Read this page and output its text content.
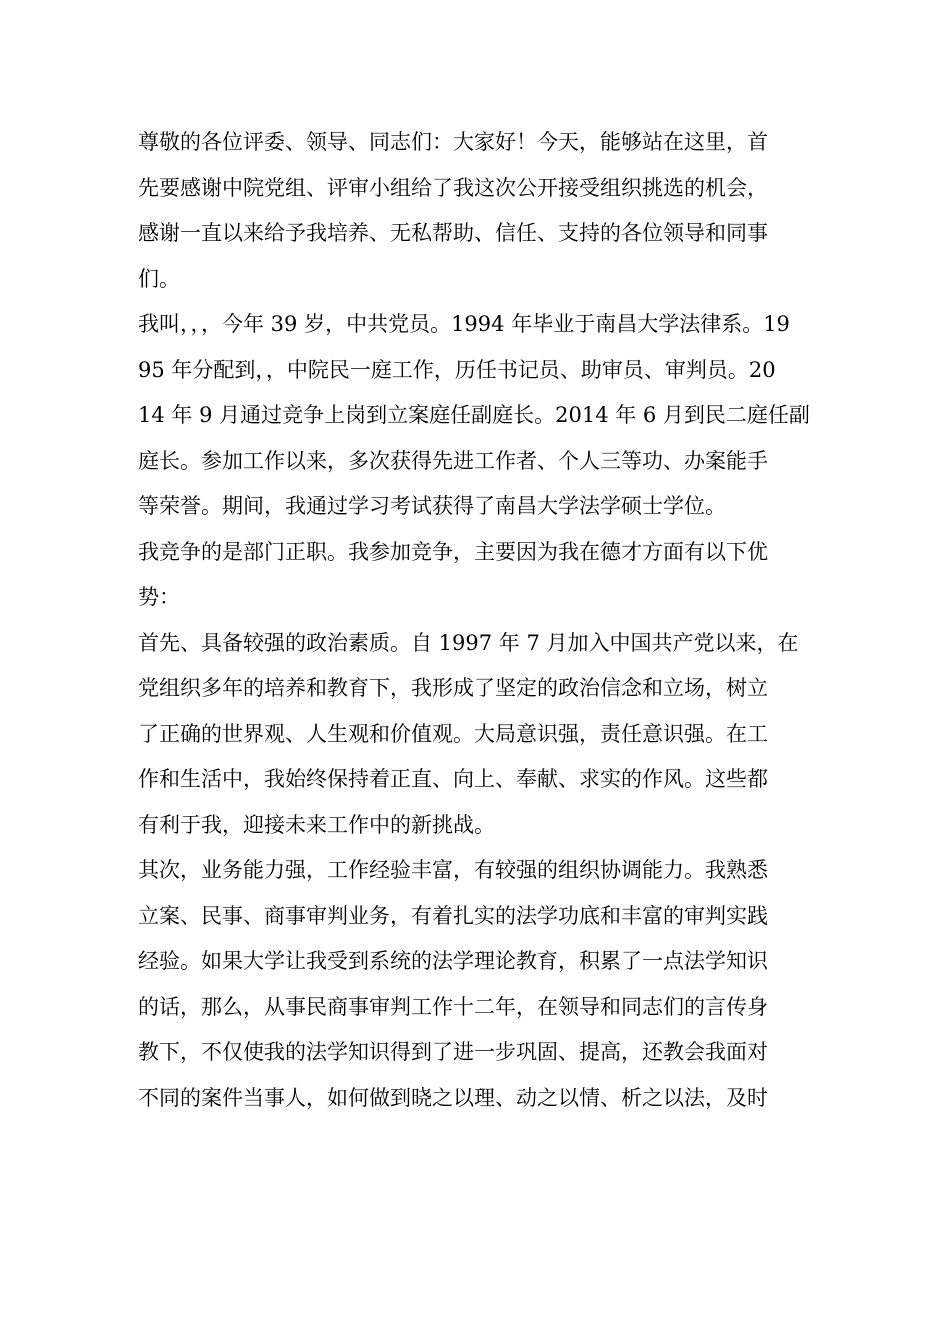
尊敬的各位评委、领导、同志们：大家好！今天，能够站在这里，首
先要感谢中院党组、评审小组给了我这次公开接受组织挑选的机会，
感谢一直以来给予我培养、无私帮助、信任、支持的各位领导和同事
们。
我叫，，，今年 39 岁，中共党员。1994 年毕业于南昌大学法律系。19
95 年分配到，，中院民一庭工作，历任书记员、助审员、审判员。20
14 年 9 月通过竞争上岗到立案庭任副庭长。2014 年 6 月到民二庭任副
庭长。参加工作以来，多次获得先进工作者、个人三等功、办案能手
等荣誉。期间，我通过学习考试获得了南昌大学法学硕士学位。
我竞争的是部门正职。我参加竞争，主要因为我在德才方面有以下优
势：
首先、具备较强的政治素质。自 1997 年 7 月加入中国共产党以来，在
党组织多年的培养和教育下，我形成了坚定的政治信念和立场，树立
了正确的世界观、人生观和价值观。大局意识强，责任意识强。在工
作和生活中，我始终保持着正直、向上、奉献、求实的作风。这些都
有利于我，迎接未来工作中的新挑战。
其次，业务能力强，工作经验丰富，有较强的组织协调能力。我熟悉
立案、民事、商事审判业务，有着扎实的法学功底和丰富的审判实践
经验。如果大学让我受到系统的法学理论教育，积累了一点法学知识
的话，那么，从事民商事审判工作十二年，在领导和同志们的言传身
教下，不仅使我的法学知识得到了进一步巩固、提高，还教会我面对
不同的案件当事人，如何做到晓之以理、动之以情、析之以法，及时
